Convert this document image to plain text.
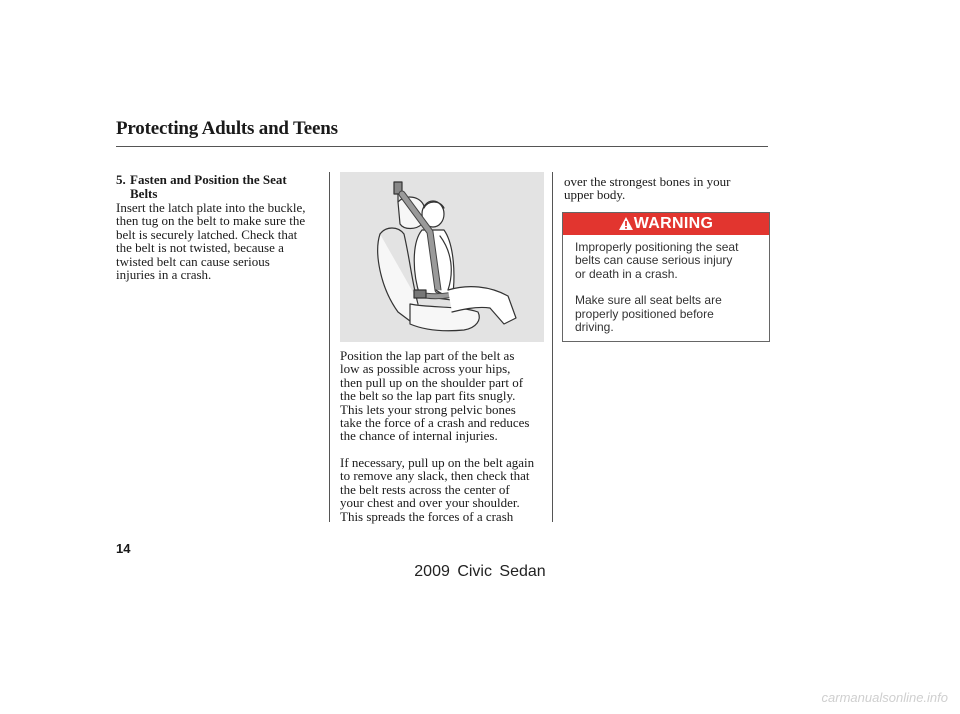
Protecting Adults and Teens
5. Fasten and Position the Seat
Belts
Insert the latch plate into the buckle,
then tug on the belt to make sure the
belt is securely latched. Check that
the belt is not twisted, because a
twisted belt can cause serious
injuries in a crash.
Position the lap part of the belt as
low as possible across your hips,
then pull up on the shoulder part of
the belt so the lap part fits snugly.
This lets your strong pelvic bones
take the force of a crash and reduces
the chance of internal injuries.
If necessary, pull up on the belt again
to remove any slack, then check that
the belt rests across the center of
your chest and over your shoulder.
This spreads the forces of a crash
over the strongest bones in your
upper body.
WARNING
Improperly positioning the seat
belts can cause serious injury
or death in a crash.
Make sure all seat belts are
properly positioned before
driving.
14
2009 Civic Sedan
carmanualsonline.info
